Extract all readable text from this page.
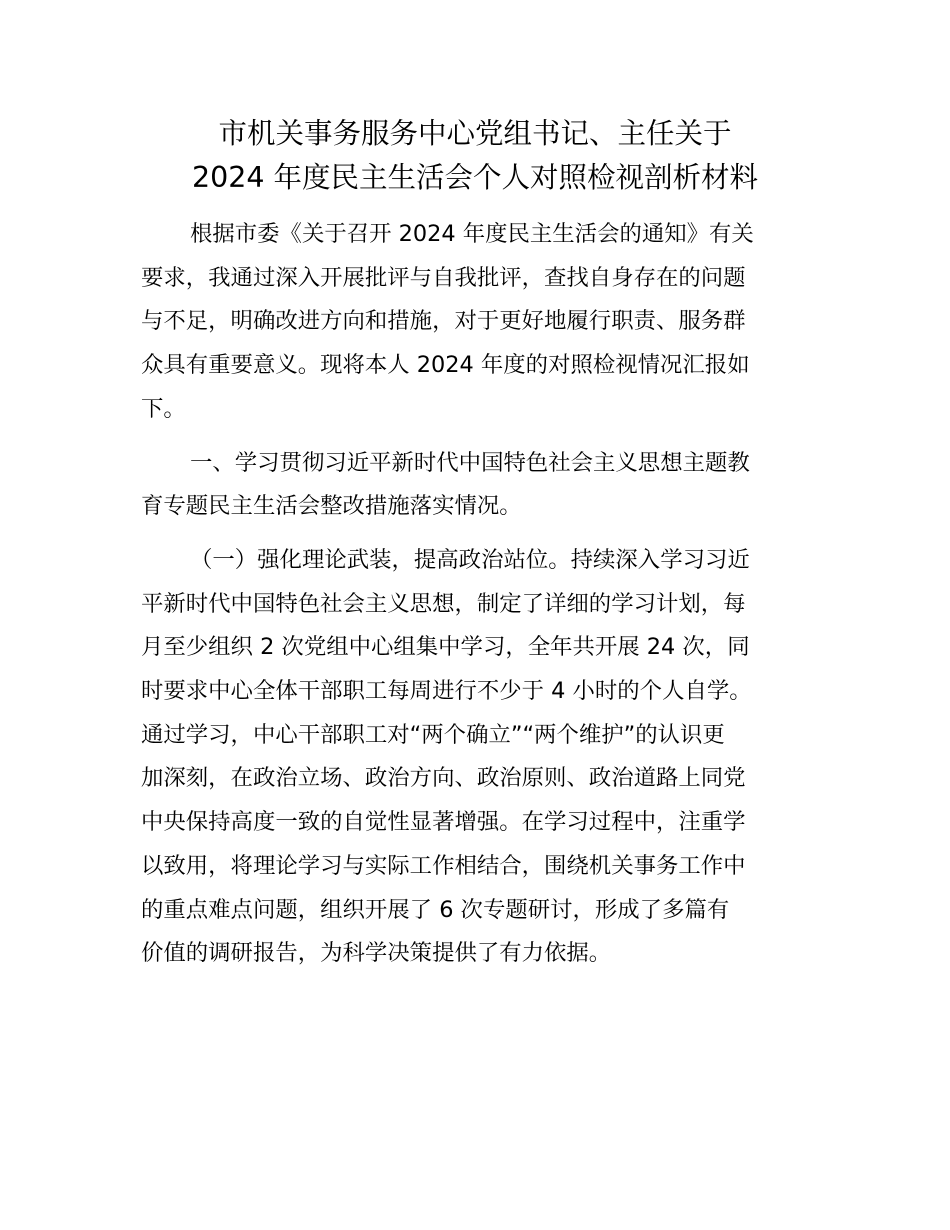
市机关事务服务中心党组书记、主任关于
2024 年度民主生活会个人对照检视剖析材料
根据市委《关于召开 2024 年度民主生活会的通知》有关
要求，我通过深入开展批评与自我批评，查找自身存在的问题
与不足，明确改进方向和措施，对于更好地履行职责、服务群
众具有重要意义。现将本人 2024 年度的对照检视情况汇报如
下。
一、学习贯彻习近平新时代中国特色社会主义思想主题教
育专题民主生活会整改措施落实情况。
（一）强化理论武装，提高政治站位。持续深入学习习近
平新时代中国特色社会主义思想，制定了详细的学习计划，每
月至少组织 2 次党组中心组集中学习，全年共开展 24 次，同
时要求中心全体干部职工每周进行不少于 4 小时的个人自学。
通过学习，中心干部职工对“两个确立”“两个维护”的认识更
加深刻，在政治立场、政治方向、政治原则、政治道路上同党
中央保持高度一致的自觉性显著增强。在学习过程中，注重学
以致用，将理论学习与实际工作相结合，围绕机关事务工作中
的重点难点问题，组织开展了 6 次专题研讨，形成了多篇有
价值的调研报告，为科学决策提供了有力依据。
